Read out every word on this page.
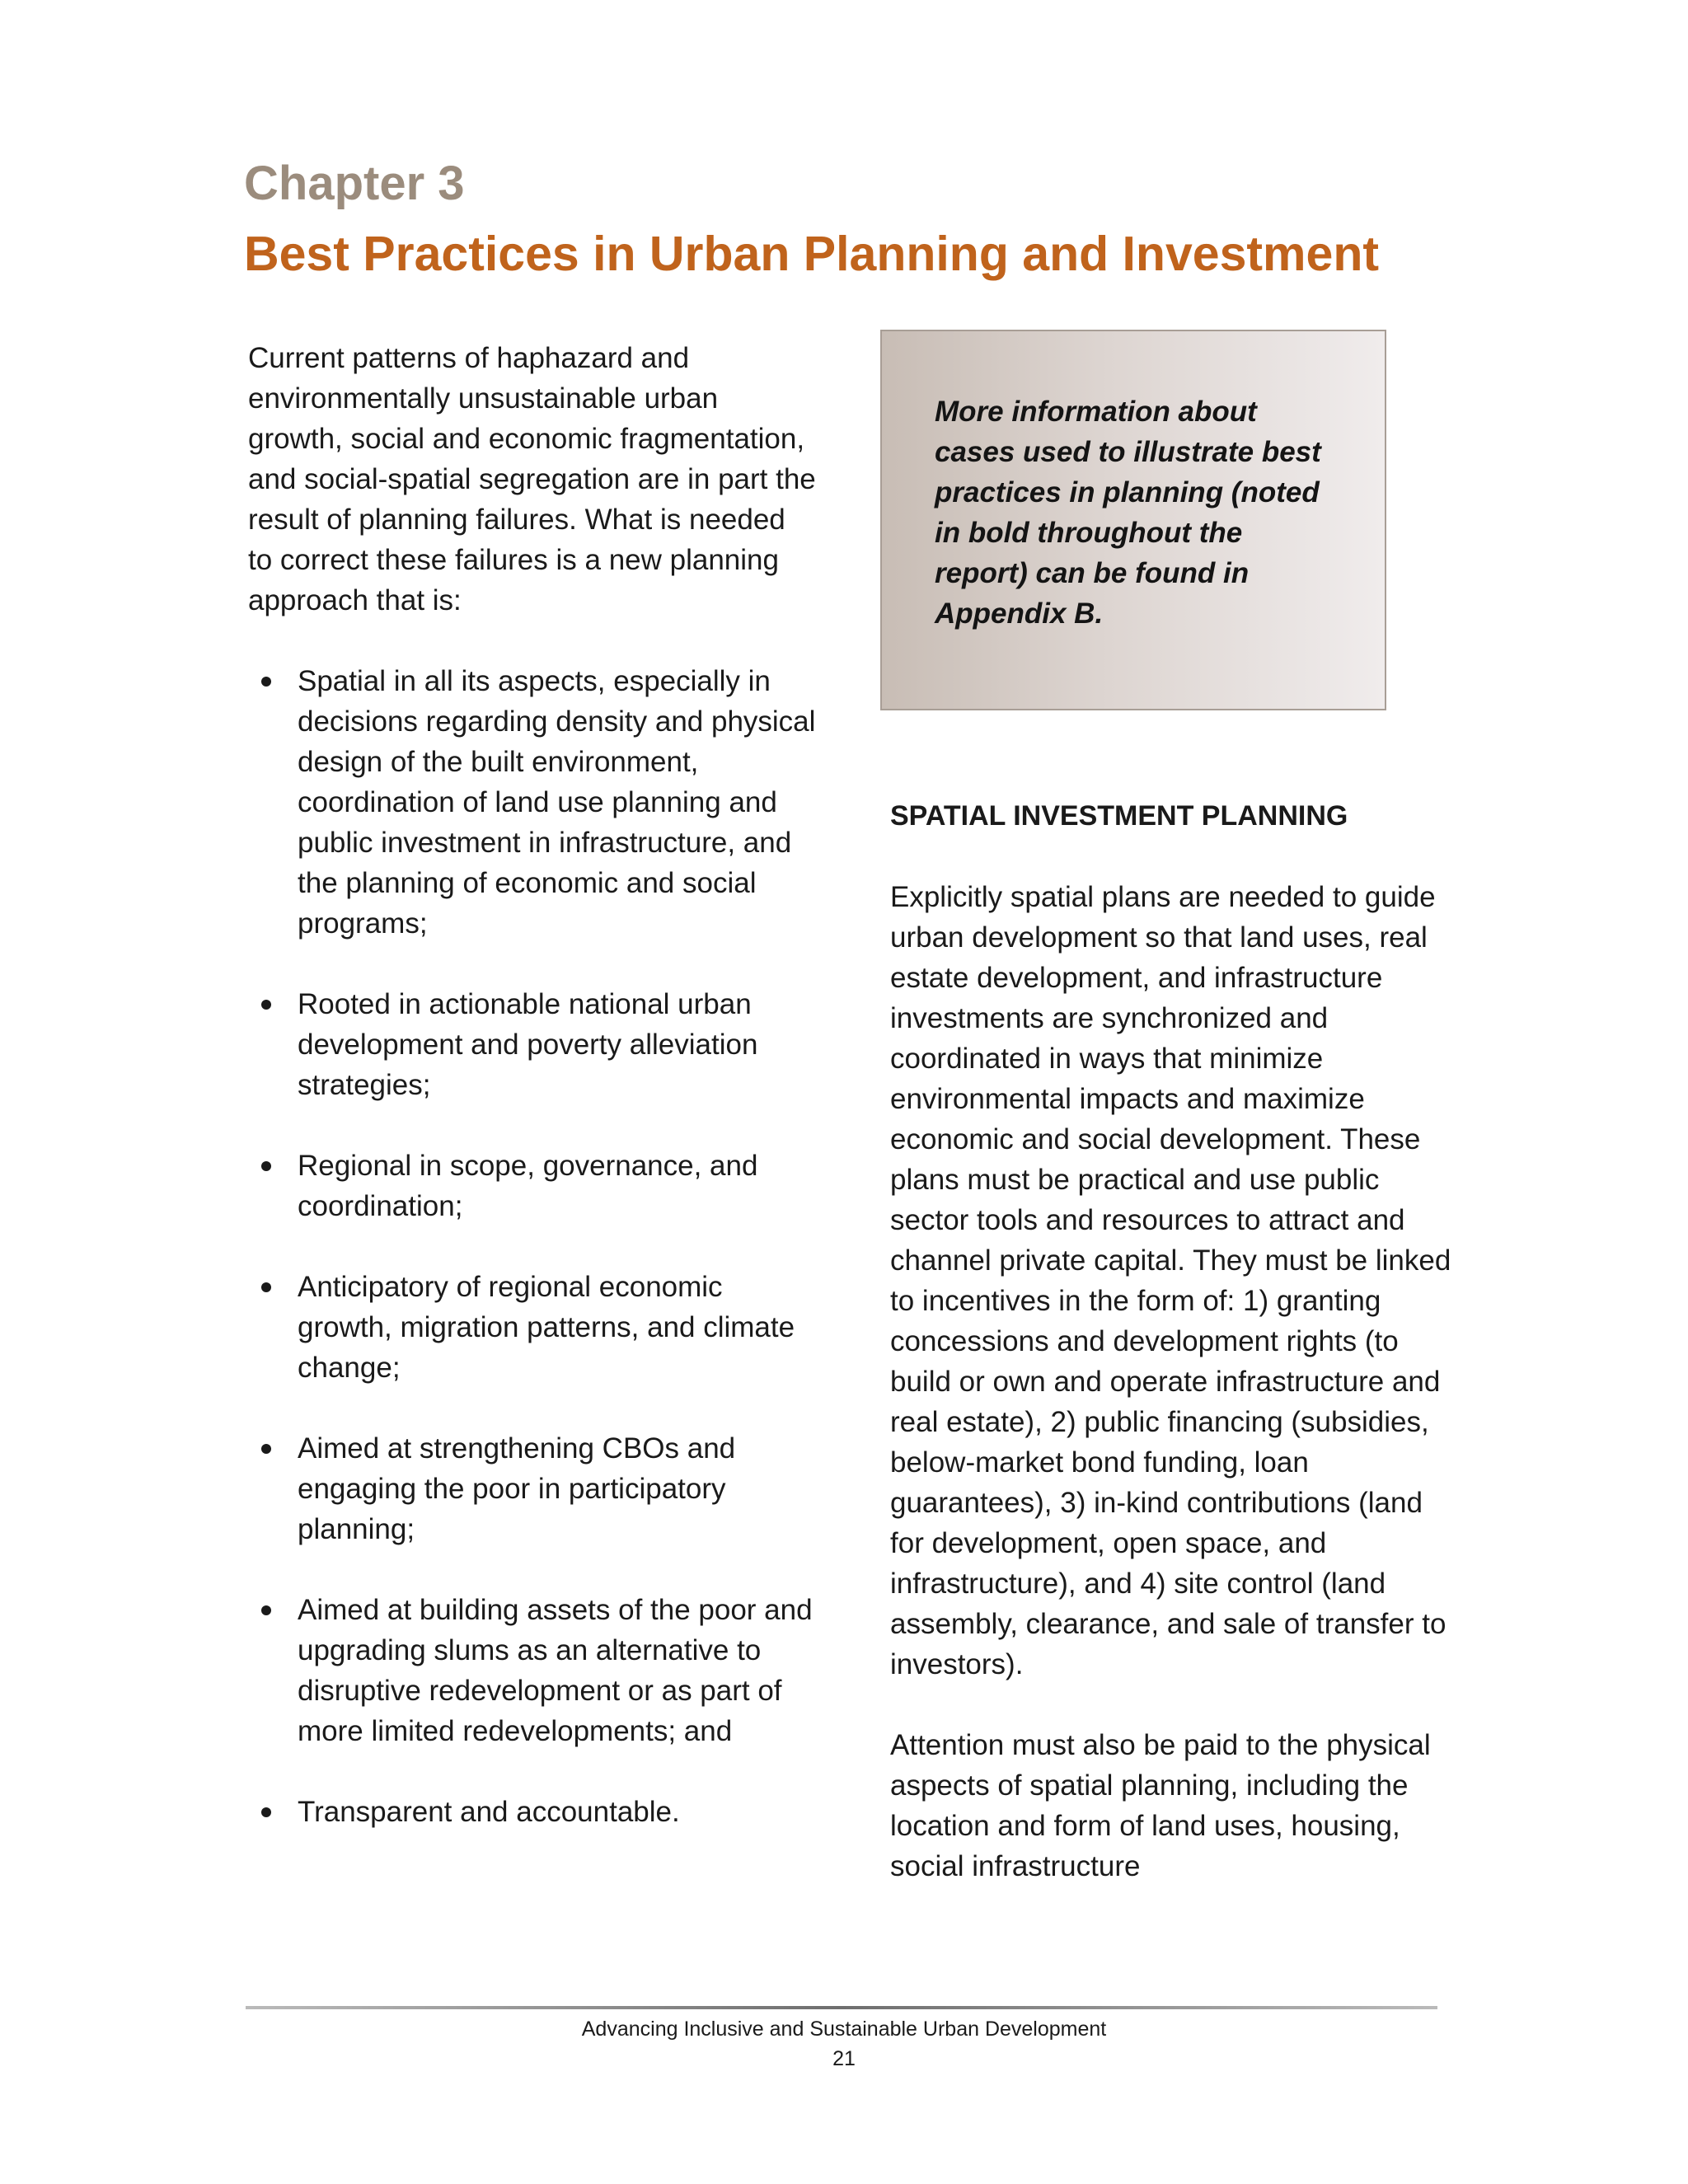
Chapter 3
Best Practices in Urban Planning and Investment

Current patterns of haphazard and environmentally unsustainable urban growth, social and economic fragmentation, and social-spatial segregation are in part the result of planning failures. What is needed to correct these failures is a new planning approach that is:

Spatial in all its aspects, especially in decisions regarding density and physical design of the built environment, coordination of land use planning and public investment in infrastructure, and the planning of economic and social programs;
Rooted in actionable national urban development and poverty alleviation strategies;
Regional in scope, governance, and coordination;
Anticipatory of regional economic growth, migration patterns, and climate change;
Aimed at strengthening CBOs and engaging the poor in participatory planning;
Aimed at building assets of the poor and upgrading slums as an alternative to disruptive redevelopment or as part of more limited redevelopments; and
Transparent and accountable.

More information about cases used to illustrate best practices in planning (noted in bold throughout the report) can be found in Appendix B.

SPATIAL INVESTMENT PLANNING

Explicitly spatial plans are needed to guide urban development so that land uses, real estate development, and infrastructure investments are synchronized and coordinated in ways that minimize environmental impacts and maximize economic and social development. These plans must be practical and use public sector tools and resources to attract and channel private capital. They must be linked to incentives in the form of: 1) granting concessions and development rights (to build or own and operate infrastructure and real estate), 2) public financing (subsidies, below-market bond funding, loan guarantees), 3) in-kind contributions (land for development, open space, and infrastructure), and 4) site control (land assembly, clearance, and sale of transfer to investors).

Attention must also be paid to the physical aspects of spatial planning, including the location and form of land uses, housing, social infrastructure

Advancing Inclusive and Sustainable Urban Development
21
